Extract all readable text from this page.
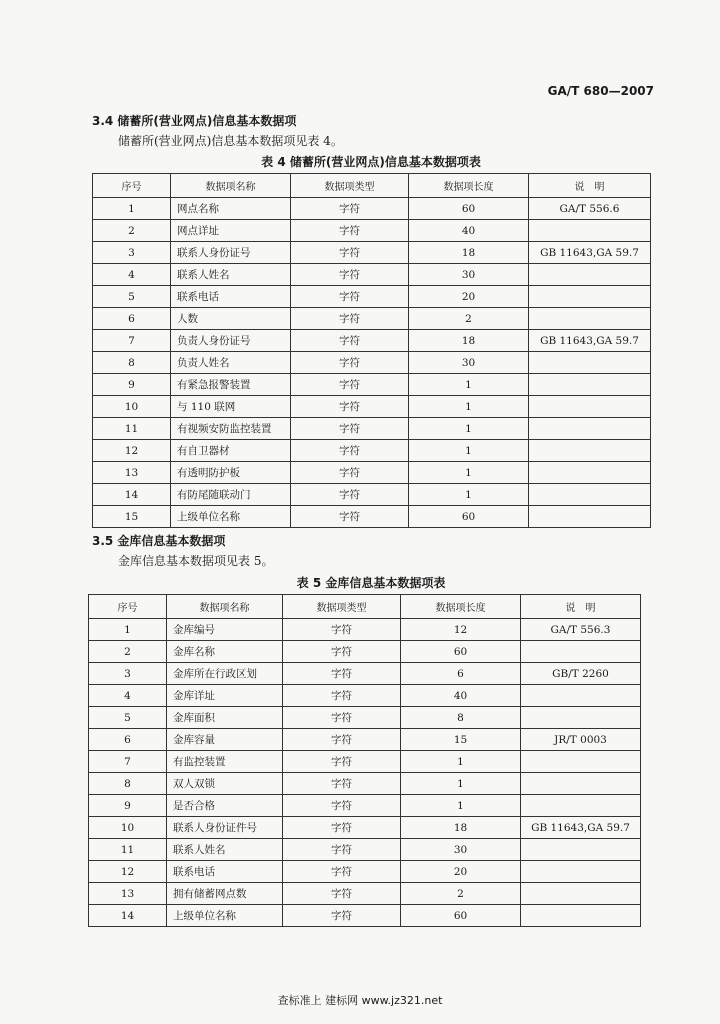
GA/T 680—2007
3.4 储蓄所(营业网点)信息基本数据项
储蓄所(营业网点)信息基本数据项见表 4。
表 4 储蓄所(营业网点)信息基本数据项表
序号	数据项名称	数据项类型	数据项长度	说　明
1	网点名称	字符	60	GA/T 556.6
2	网点详址	字符	40	
3	联系人身份证号	字符	18	GB 11643,GA 59.7
4	联系人姓名	字符	30	
5	联系电话	字符	20	
6	人数	字符	2	
7	负责人身份证号	字符	18	GB 11643,GA 59.7
8	负责人姓名	字符	30	
9	有紧急报警装置	字符	1	
10	与 110 联网	字符	1	
11	有视频安防监控装置	字符	1	
12	有自卫器材	字符	1	
13	有透明防护板	字符	1	
14	有防尾随联动门	字符	1	
15	上级单位名称	字符	60	
3.5 金库信息基本数据项
金库信息基本数据项见表 5。
表 5 金库信息基本数据项表
序号	数据项名称	数据项类型	数据项长度	说　明
1	金库编号	字符	12	GA/T 556.3
2	金库名称	字符	60	
3	金库所在行政区划	字符	6	GB/T 2260
4	金库详址	字符	40	
5	金库面积	字符	8	
6	金库容量	字符	15	JR/T 0003
7	有监控装置	字符	1	
8	双人双锁	字符	1	
9	是否合格	字符	1	
10	联系人身份证件号	字符	18	GB 11643,GA 59.7
11	联系人姓名	字符	30	
12	联系电话	字符	20	
13	拥有储蓄网点数	字符	2	
14	上级单位名称	字符	60	
查标准上 建标网 www.jz321.net
